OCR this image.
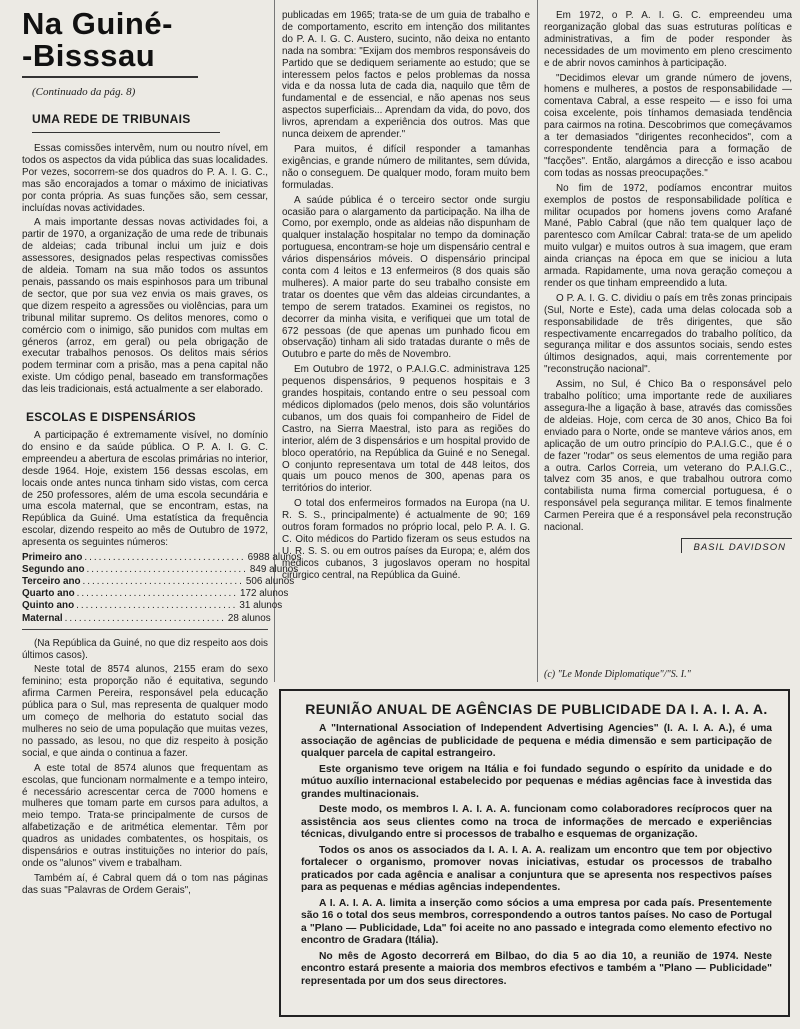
Na Guiné-
-Bisssau
(Continuado da pág. 8)
UMA REDE DE TRIBUNAIS

Essas comissões intervêm, num ou noutro nível, em todos os aspectos da vida pública das suas localidades. Por vezes, socorrem-se dos quadros do P. A. I. G. C., mas são encorajados a tomar o máximo de iniciativas por conta própria. As suas funções são, sem cessar, incluídas novas actividades.

A mais importante dessas novas actividades foi, a partir de 1970, a organização de uma rede de tribunais de aldeias; cada tribunal inclui um juiz e dois assessores, designados pelas respectivas comissões de aldeia. Tomam na sua mão todos os assuntos penais, passando os mais espinhosos para um tribunal de sector, que por sua vez envia os mais graves, os que dizem respeito a agressões ou violências, para um tribunal militar supremo. Os delitos menores, como o comércio com o inimigo, são punidos com multas em géneros (arroz, em geral) ou pela obrigação de executar trabalhos penosos. Os delitos mais sérios podem terminar com a prisão, mas a pena capital não existe. Um código penal, baseado em transformações das leis tradicionais, está actualmente a ser elaborado.

ESCOLAS E DISPENSÁRIOS

A participação é extremamente visível, no domínio do ensino e da saúde pública. O P. A. I. G. C. empreendeu a abertura de escolas primárias no interior, desde 1964. Hoje, existem 156 dessas escolas, em locais onde antes nunca tinham sido vistas, com cerca de 250 professores, além de uma escola secundária e uma escola maternal, que se encontram, estas, na República da Guiné. Uma estatística da frequência escolar, dizendo respeito ao mês de Outubro de 1972, apresenta os seguintes números:

Primeiro ano .................................. 6988 alunos
Segundo ano .................................. 849 alunos
Terceiro ano .................................. 506 alunos
Quarto ano .................................. 172 alunos
Quinto ano .................................. 31 alunos
Maternal .................................. 28 alunos

(Na República da Guiné, no que diz respeito aos dois últimos casos).

Neste total de 8574 alunos, 2155 eram do sexo feminino; esta proporção não é equitativa, segundo afirma Carmen Pereira, responsável pela educação pública para o Sul, mas representa de qualquer modo um começo de melhoria do estatuto social das mulheres no seio de uma população que muitas vezes, no passado, as lesou, no que diz respeito à posição social, e que ainda o continua a fazer.

A este total de 8574 alunos que frequentam as escolas, que funcionam normalmente e a tempo inteiro, é necessário acrescentar cerca de 7000 homens e mulheres que tomam parte em cursos para adultos, a meio tempo. Trata-se principalmente de cursos de alfabetização e de aritmética elementar. Têm por quadros as unidades combatentes, os hospitais, os dispensários e outras instituições no interior do país, onde os "alunos" vivem e trabalham.

Também aí, é Cabral quem dá o tom nas páginas das suas "Palavras de Ordem Gerais",

publicadas em 1965; trata-se de um guia de trabalho e de comportamento, escrito em intenção dos militantes do P. A. I. G. C. Austero, sucinto, não deixa no entanto nada na sombra: "Exijam dos membros responsáveis do Partido que se dediquem seriamente ao estudo; que se interessem pelos factos e pelos problemas da nossa vida e da nossa luta de cada dia, naquilo que têm de fundamental e de essencial, e não apenas nos seus aspectos superficiais... Aprendam da vida, do povo, dos livros, aprendam a experiência dos outros. Mas que nunca deixem de aprender."

Para muitos, é difícil responder a tamanhas exigências, e grande número de militantes, sem dúvida, não o conseguem. De qualquer modo, foram muito bem formuladas.

A saúde pública é o terceiro sector onde surgiu ocasião para o alargamento da participação. Na ilha de Como, por exemplo, onde as aldeias não dispunham de qualquer instalação hospitalar no tempo da dominação portuguesa, encontram-se hoje um dispensário central e vários dispensários móveis. O dispensário principal conta com 4 leitos e 13 enfermeiros (8 dos quais são mulheres). A maior parte do seu trabalho consiste em tratar os doentes que vêm das aldeias circundantes, a tempo de serem tratados. Examinei os registos, no decorrer da minha visita, e verifiquei que um total de 672 pessoas (de que apenas um punhado ficou em observação) tinham ali sido tratadas durante o mês de Outubro e parte do mês de Novembro.

Em Outubro de 1972, o P.A.I.G.C. administrava 125 pequenos dispensários, 9 pequenos hospitais e 3 grandes hospitais, contando entre o seu pessoal com médicos diplomados (pelo menos, dois são voluntários cubanos, um dos quais foi companheiro de Fidel de Castro, na Sierra Maestral, isto para as regiões do interior, além de 3 dispensários e um hospital provido de bloco operatório, na República da Guiné e no Senegal. O conjunto representava um total de 448 leitos, dos quais um pouco menos de 300, apenas para os territórios do interior.

O total dos enfermeiros formados na Europa (na U. R. S. S., principalmente) é actualmente de 90; 169 outros foram formados no próprio local, pelo P. A. I. G. C. Oito médicos do Partido fizeram os seus estudos na U. R. S. S. ou em outros países da Europa; e, além dos médicos cubanos, 3 jugoslavos operam no hospital cirúrgico central, na República da Guiné.

Em 1972, o P. A. I. G. C. empreendeu uma reorganização global das suas estruturas políticas e administrativas, a fim de poder responder às necessidades de um movimento em pleno crescimento e de abrir novos caminhos à participação.

"Decidimos elevar um grande número de jovens, homens e mulheres, a postos de responsabilidade — comentava Cabral, a esse respeito — e isso foi uma coisa excelente, pois tínhamos demasiada tendência para cairmos na rotina. Descobrimos que começávamos a ter demasiados "dirigentes reconhecidos", com a correspondente tendência para a formação de "facções". Então, alargámos a direcção e isso acabou com todas as nossas preocupações."

No fim de 1972, podíamos encontrar muitos exemplos de postos de responsabilidade política e militar ocupados por homens jovens como Arafané Mané, Pablo Cabral (que não tem qualquer laço de parentesco com Amílcar Cabral: trata-se de um apelido muito vulgar) e muitos outros à sua imagem, que eram ainda crianças na época em que se iniciou a luta armada. Rapidamente, uma nova geração começou a render os que tinham empreendido a luta.

O P. A. I. G. C. dividiu o país em três zonas principais (Sul, Norte e Este), cada uma delas colocada sob a responsabilidade de três dirigentes, que são respectivamente encarregados do trabalho político, da segurança militar e dos assuntos sociais, sendo estes últimos designados, aqui, mais correntemente por "reconstrução nacional".

Assim, no Sul, é Chico Ba o responsável pelo trabalho político; uma importante rede de auxiliares assegura-lhe a ligação à base, através das comissões de aldeias. Hoje, com cerca de 30 anos, Chico Ba foi enviado para o Norte, onde se manteve vários anos, em aplicação de um outro princípio do P.A.I.G.C., que é o de fazer "rodar" os seus elementos de uma região para a outra. Carlos Correia, um veterano do P.A.I.G.C., talvez com 35 anos, e que trabalhou outrora como contabilista numa firma comercial portuguesa, é o responsável pela segurança militar. E temos finalmente Carmen Pereira que é a responsável pela reconstrução nacional.

BASIL DAVIDSON
(c) "Le Monde Diplomatique"/"S. I."
REUNIÃO ANUAL DE AGÊNCIAS DE PUBLICIDADE DA I. A. I. A. A.

A "International Association of Independent Advertising Agencies" (I. A. I. A. A.), é uma associação de agências de publicidade de pequena e média dimensão e sem participação de qualquer parcela de capital estrangeiro.

Este organismo teve origem na Itália e foi fundado segundo o espírito da unidade e do mútuo auxílio internacional estabelecido por pequenas e médias agências face à investida das grandes multinacionais.

Deste modo, os membros I. A. I. A. A. funcionam como colaboradores recíprocos quer na assistência aos seus clientes como na troca de informações de mercado e experiências técnicas, divulgando entre si processos de trabalho e esquemas de organização.

Todos os anos os associados da I. A. I. A. A. realizam um encontro que tem por objectivo fortalecer o organismo, promover novas iniciativas, estudar os processos de trabalho praticados por cada agência e analisar a conjuntura que se apresenta nos respectivos países para as pequenas e médias agências independentes.

A I. A. I. A. A. limita a inserção como sócios a uma empresa por cada país. Presentemente são 16 o total dos seus membros, correspondendo a outros tantos países. No caso de Portugal a "Plano — Publicidade, Lda" foi aceite no ano passado e integrada como elemento efectivo no encontro de Gradara (Itália).

No mês de Agosto decorrerá em Bilbao, do dia 5 ao dia 10, a reunião de 1974. Neste encontro estará presente a maioria dos membros efectivos e também a "Plano — Publicidade" representada por um dos seus directores.
